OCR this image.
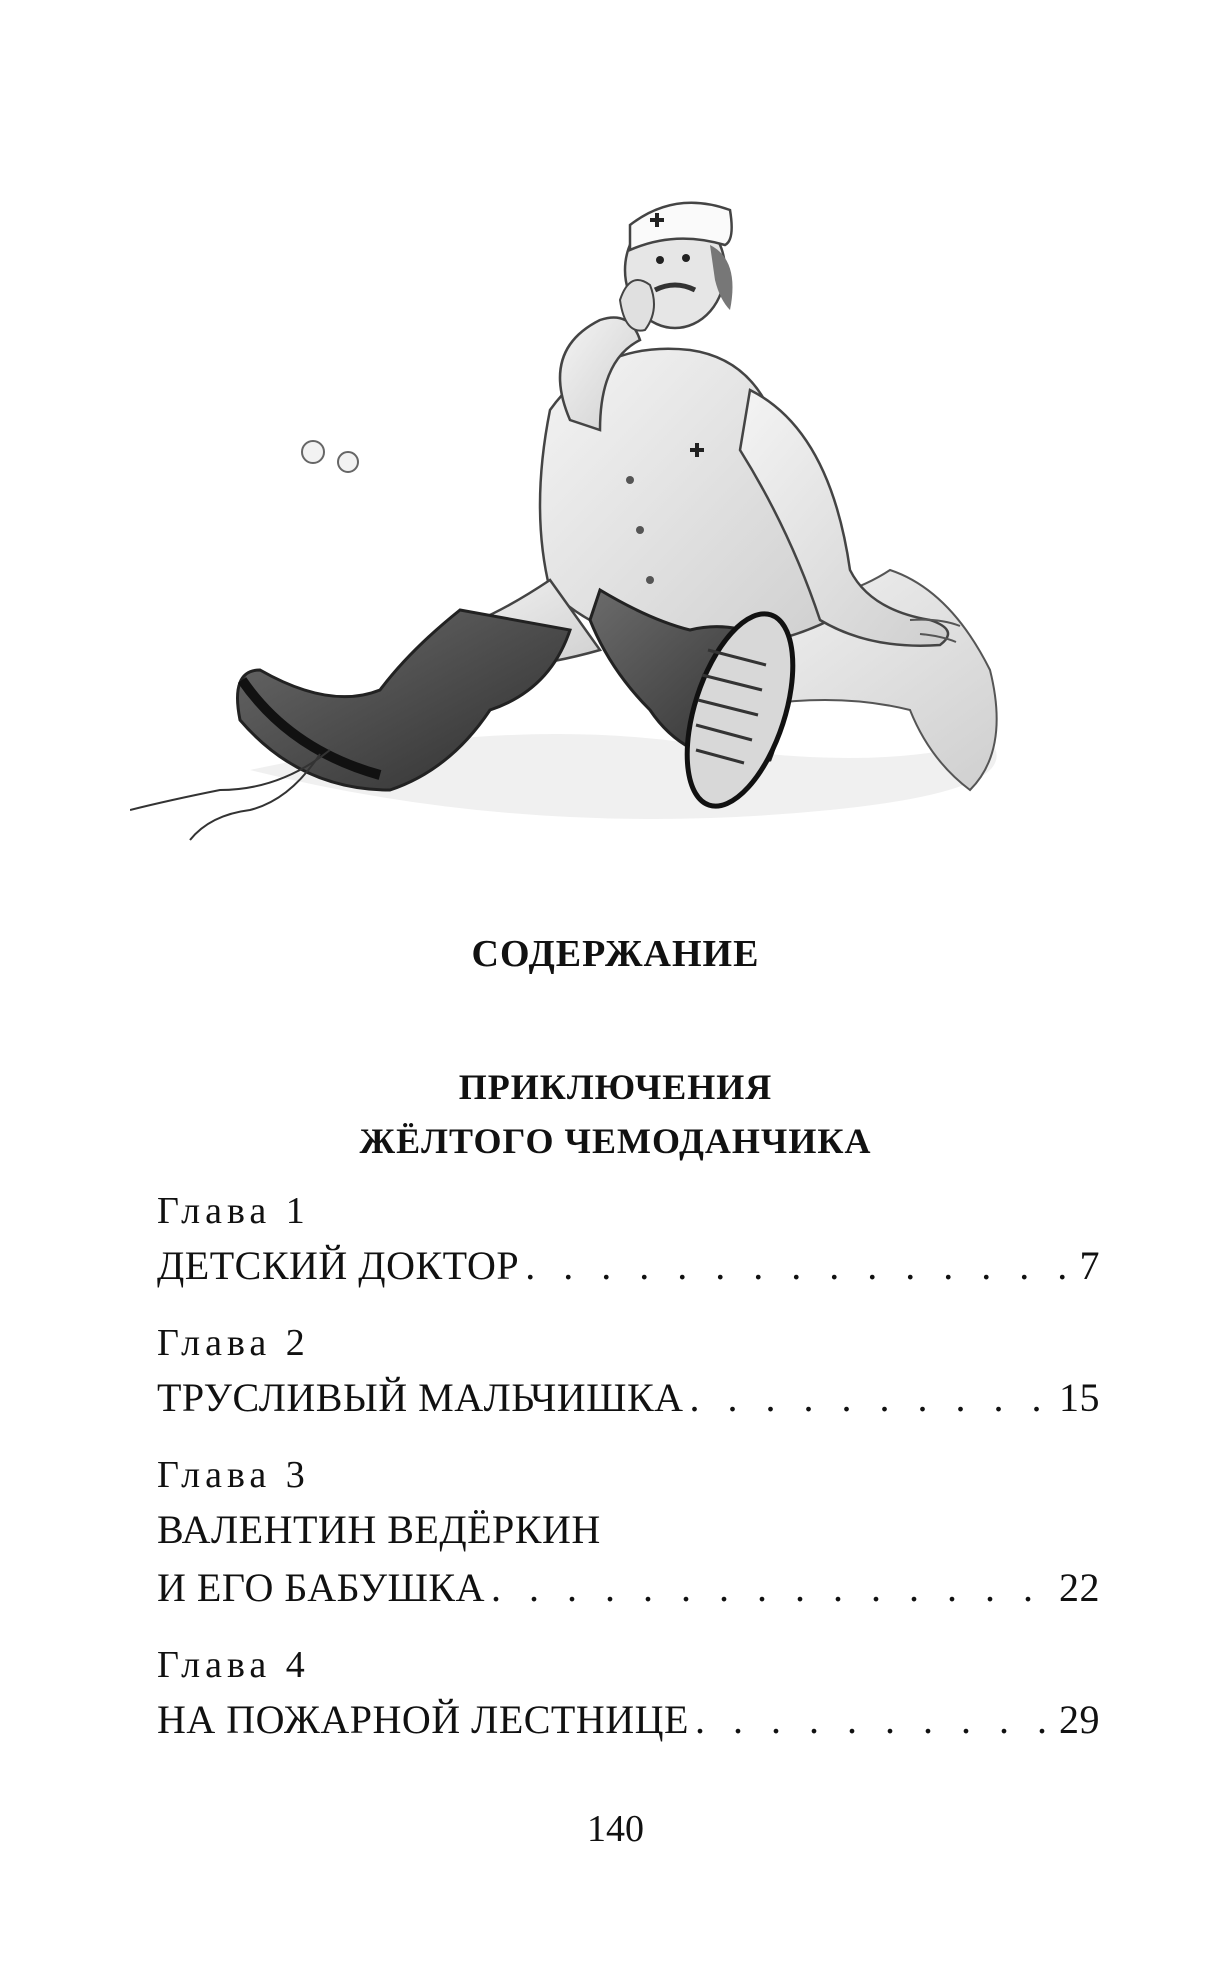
СОДЕРЖАНИЕ
ПРИКЛЮЧЕНИЯ
ЖЁЛТОГО ЧЕМОДАНЧИКА

Глава 1

ДЕТСКИЙ ДОКТОР . . .	7

Глава 2

ТРУСЛИВЫЙ МАЛЬЧИШКА . . .	15

Глава 3

ВАЛЕНТИН ВЕДЁРКИН
И ЕГО БАБУШКА . . .	22

Глава 4

НА ПОЖАРНОЙ ЛЕСТНИЦЕ . . .	29
140
